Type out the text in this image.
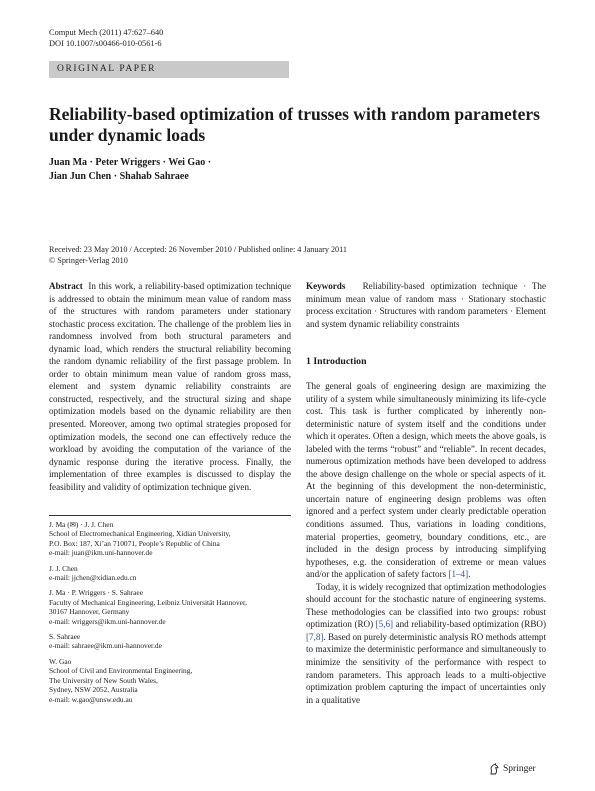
Comput Mech (2011) 47:627–640
DOI 10.1007/s00466-010-0561-6
ORIGINAL PAPER
Reliability-based optimization of trusses with random parameters under dynamic loads
Juan Ma · Peter Wriggers · Wei Gao ·
Jian Jun Chen · Shahab Sahraee
Received: 23 May 2010 / Accepted: 26 November 2010 / Published online: 4 January 2011
© Springer-Verlag 2010
Abstract In this work, a reliability-based optimization technique is addressed to obtain the minimum mean value of random mass of the structures with random parameters under stationary stochastic process excitation. The challenge of the problem lies in randomness involved from both structural parameters and dynamic load, which renders the structural reliability becoming the random dynamic reliability of the first passage problem. In order to obtain minimum mean value of random gross mass, element and system dynamic reliability constraints are constructed, respectively, and the structural sizing and shape optimization models based on the dynamic reliability are then presented. Moreover, among two optimal strategies proposed for optimization models, the second one can effectively reduce the workload by avoiding the computation of the variance of the dynamic response during the iterative process. Finally, the implementation of three examples is discussed to display the feasibility and validity of optimization technique given.
J. Ma (✉) · J. J. Chen
School of Electromechanical Engineering, Xidian University,
P.O. Box: 187, Xi’an 710071, People’s Republic of China
e-mail: juan@ikm.uni-hannover.de
J. J. Chen
e-mail: jjchen@xidian.edu.cn
J. Ma · P. Wriggers · S. Sahraee
Faculty of Mechanical Engineering, Leibniz Universität Hannover,
30167 Hannover, Germany
e-mail: wriggers@ikm.uni-hannover.de
S. Sahraee
e-mail: sahraee@ikm.uni-hannover.de
W. Gao
School of Civil and Environmental Engineering,
The University of New South Wales,
Sydney, NSW 2052, Australia
e-mail: w.gao@unsw.edu.au
Keywords Reliability-based optimization technique · The minimum mean value of random mass · Stationary stochastic process excitation · Structures with random parameters · Element and system dynamic reliability constraints
1 Introduction

The general goals of engineering design are maximizing the utility of a system while simultaneously minimizing its life-cycle cost. This task is further complicated by inherently non-deterministic nature of system itself and the conditions under which it operates. Often a design, which meets the above goals, is labeled with the terms “robust” and “reliable”. In recent decades, numerous optimization methods have been developed to address the above design challenge on the whole or special aspects of it. At the beginning of this development the non-deterministic, uncertain nature of engineering design problems was often ignored and a perfect system under clearly predictable operation conditions assumed. Thus, variations in loading conditions, material properties, geometry, boundary conditions, etc., are included in the design process by introducing simplifying hypotheses, e.g. the consideration of extreme or mean values and/or the application of safety factors [1–4].

Today, it is widely recognized that optimization methodologies should account for the stochastic nature of engineering systems. These methodologies can be classified into two groups: robust optimization (RO) [5,6] and reliability-based optimization (RBO) [7,8]. Based on purely deterministic analysis RO methods attempt to maximize the deterministic performance and simultaneously to minimize the sensitivity of the performance with respect to random parameters. This approach leads to a multi-objective optimization problem capturing the impact of uncertainties only in a qualitative

Springer
